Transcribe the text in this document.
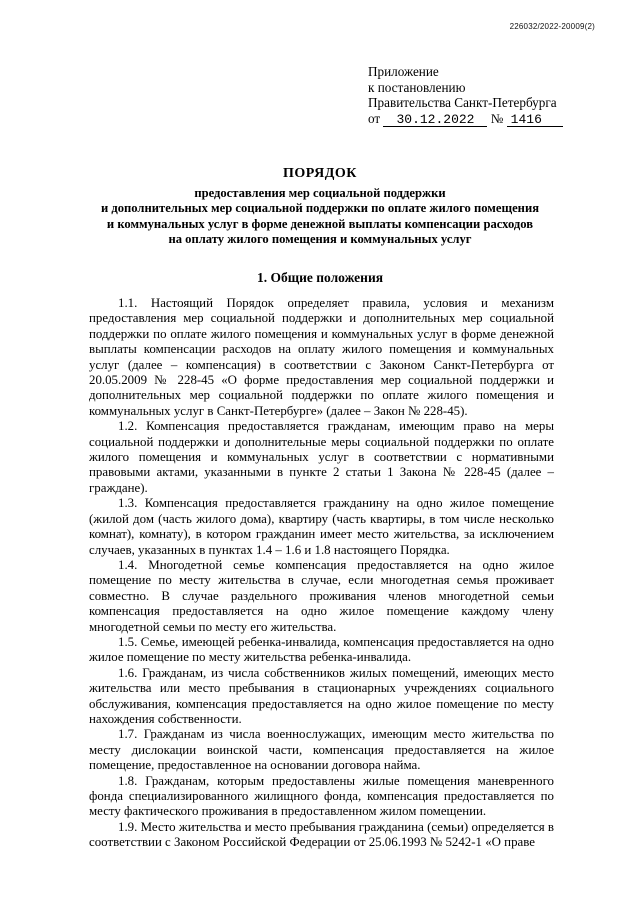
226032/2022-20009(2)
Приложение
к постановлению
Правительства Санкт-Петербурга
от 30.12.2022 № 1416
ПОРЯДОК
предоставления мер социальной поддержки
и дополнительных мер социальной поддержки по оплате жилого помещения
и коммунальных услуг в форме денежной выплаты компенсации расходов
на оплату жилого помещения и коммунальных услуг
1. Общие положения

1.1. Настоящий Порядок определяет правила, условия и механизм предоставления мер социальной поддержки и дополнительных мер социальной поддержки по оплате жилого помещения и коммунальных услуг в форме денежной выплаты компенсации расходов на оплату жилого помещения и коммунальных услуг (далее – компенсация) в соответствии с Законом Санкт-Петербурга от 20.05.2009 № 228-45 «О форме предоставления мер социальной поддержки и дополнительных мер социальной поддержки по оплате жилого помещения и коммунальных услуг в Санкт-Петербурге» (далее – Закон № 228-45).

1.2. Компенсация предоставляется гражданам, имеющим право на меры социальной поддержки и дополнительные меры социальной поддержки по оплате жилого помещения и коммунальных услуг в соответствии с нормативными правовыми актами, указанными в пункте 2 статьи 1 Закона № 228-45 (далее – граждане).

1.3. Компенсация предоставляется гражданину на одно жилое помещение (жилой дом (часть жилого дома), квартиру (часть квартиры, в том числе несколько комнат), комнату), в котором гражданин имеет место жительства, за исключением случаев, указанных в пунктах 1.4 – 1.6 и 1.8 настоящего Порядка.

1.4. Многодетной семье компенсация предоставляется на одно жилое помещение по месту жительства в случае, если многодетная семья проживает совместно. В случае раздельного проживания членов многодетной семьи компенсация предоставляется на одно жилое помещение каждому члену многодетной семьи по месту его жительства.

1.5. Семье, имеющей ребенка-инвалида, компенсация предоставляется на одно жилое помещение по месту жительства ребенка-инвалида.

1.6. Гражданам, из числа собственников жилых помещений, имеющих место жительства или место пребывания в стационарных учреждениях социального обслуживания, компенсация предоставляется на одно жилое помещение по месту нахождения собственности.

1.7. Гражданам из числа военнослужащих, имеющим место жительства по месту дислокации воинской части, компенсация предоставляется на жилое помещение, предоставленное на основании договора найма.

1.8. Гражданам, которым предоставлены жилые помещения маневренного фонда специализированного жилищного фонда, компенсация предоставляется по месту фактического проживания в предоставленном жилом помещении.

1.9. Место жительства и место пребывания гражданина (семьи) определяется в соответствии с Законом Российской Федерации от 25.06.1993 № 5242-1 «О праве
